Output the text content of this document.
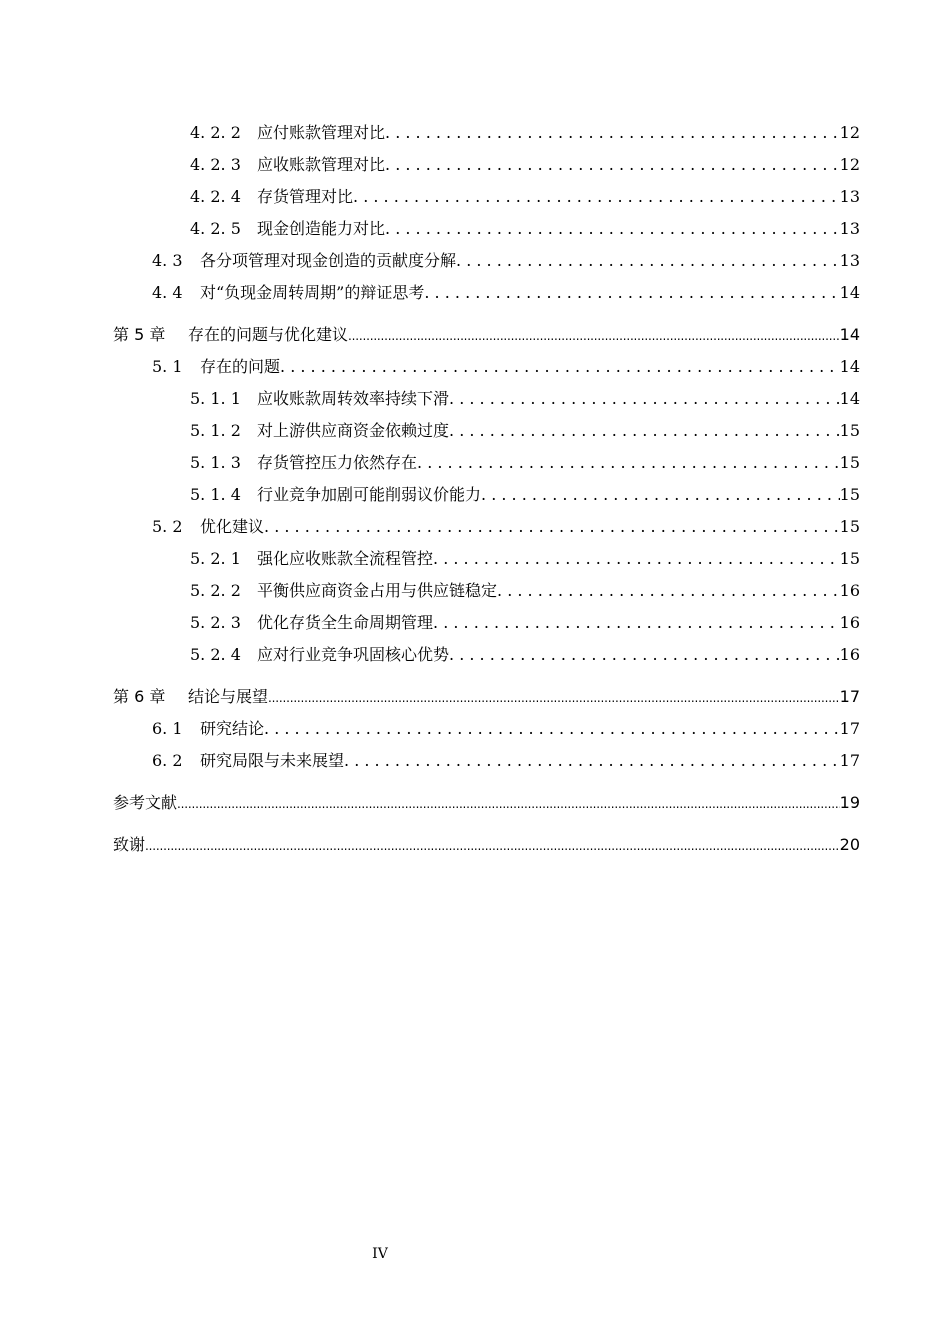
4. 2. 2	应付账款管理对比 . . .	12
4. 2. 3	应收账款管理对比 . . .	12
4. 2. 4	存货管理对比 . . .	13
4. 2. 5	现金创造能力对比 . . .	13
4. 3	各分项管理对现金创造的贡献度分解 . . .	13
4. 4	对“负现金周转周期”的辩证思考 . . .	14
第 5 章	存在的问题与优化建议 .....	14
5. 1	存在的问题 . . .	14
5. 1. 1	应收账款周转效率持续下滑 . . .	14
5. 1. 2	对上游供应商资金依赖过度 . . .	15
5. 1. 3	存货管控压力依然存在 . . .	15
5. 1. 4	行业竞争加剧可能削弱议价能力 . . .	15
5. 2	优化建议 . . .	15
5. 2. 1	强化应收账款全流程管控 . . .	15
5. 2. 2	平衡供应商资金占用与供应链稳定 . . .	16
5. 2. 3	优化存货全生命周期管理 . . .	16
5. 2. 4	应对行业竞争巩固核心优势 . . .	16
第 6 章	结论与展望 .....	17
6. 1	研究结论 . . .	17
6. 2	研究局限与未来展望 . . .	17
参考文献 .....	19
致谢 .....	20
IV
